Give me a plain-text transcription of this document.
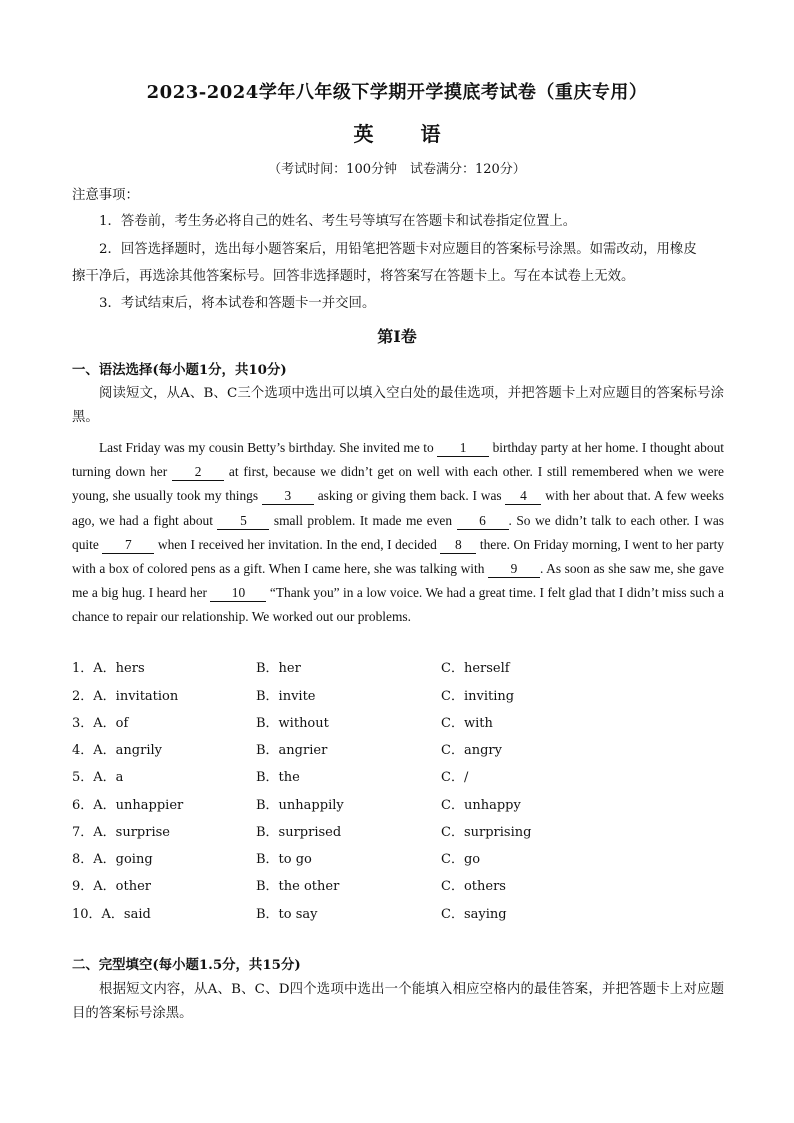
2023-2024学年八年级下学期开学摸底考试卷（重庆专用）
英 语
（考试时间：100分钟　试卷满分：120分）
注意事项：
1．答卷前，考生务必将自己的姓名、考生号等填写在答题卡和试卷指定位置上。
2．回答选择题时，选出每小题答案后，用铅笔把答题卡对应题目的答案标号涂黑。如需改动，用橡皮
擦干净后，再选涂其他答案标号。回答非选择题时，将答案写在答题卡上。写在本试卷上无效。
3．考试结束后，将本试卷和答题卡一并交回。
第Ⅰ卷
一、语法选择(每小题1分，共10分)
阅读短文，从A、B、C三个选项中选出可以填入空白处的最佳选项，并把答题卡上对应题目的答案标号涂黑。
Last Friday was my cousin Betty’s birthday. She invited me to 1 birthday party at her home. I thought about turning down her 2 at first, because we didn’t get on well with each other. I still remembered when we were young, she usually took my things 3 asking or giving them back. I was 4 with her about that. A few weeks ago, we had a fight about 5 small problem. It made me even 6 . So we didn’t talk to each other. I was quite 7 when I received her invitation. In the end, I decided 8 there. On Friday morning, I went to her party with a box of colored pens as a gift. When I came here, she was talking with 9 . As soon as she saw me, she gave me a big hug. I heard her 10 “Thank you” in a low voice. We had a great time. I felt glad that I didn’t miss such a chance to repair our relationship. We worked out our problems.
1．A．hers	B．her	C．herself
2．A．invitation	B．invite	C．inviting
3．A．of	B．without	C．with
4．A．angrily	B．angrier	C．angry
5．A．a	B．the	C．/
6．A．unhappier	B．unhappily	C．unhappy
7．A．surprise	B．surprised	C．surprising
8．A．going	B．to go	C．go
9．A．other	B．the other	C．others
10．A．said	B．to say	C．saying
二、完型填空(每小题1.5分，共15分)
根据短文内容，从A、B、C、D四个选项中选出一个能填入相应空格内的最佳答案，并把答题卡上对应题目的答案标号涂黑。
